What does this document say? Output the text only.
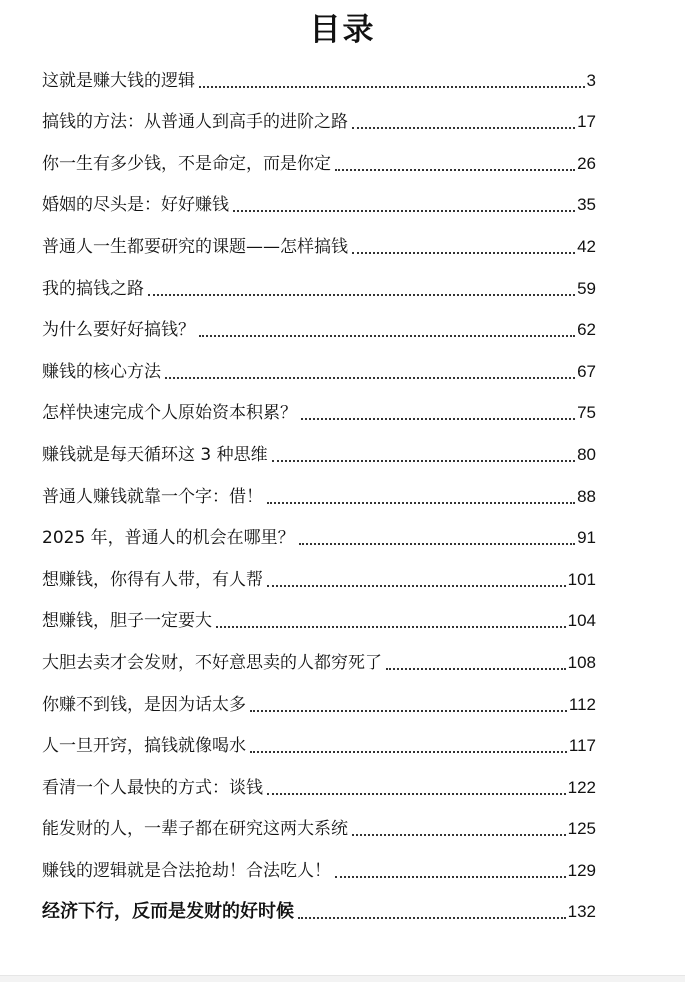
目录
这就是赚大钱的逻辑	3
搞钱的方法：从普通人到高手的进阶之路	17
你一生有多少钱，不是命定，而是你定	26
婚姻的尽头是：好好赚钱	35
普通人一生都要研究的课题——怎样搞钱	42
我的搞钱之路	59
为什么要好好搞钱？	62
赚钱的核心方法	67
怎样快速完成个人原始资本积累？	75
赚钱就是每天循环这 3 种思维	80
普通人赚钱就靠一个字：借！	88
2025 年，普通人的机会在哪里？	91
想赚钱，你得有人带，有人帮	101
想赚钱，胆子一定要大	104
大胆去卖才会发财，不好意思卖的人都穷死了	108
你赚不到钱，是因为话太多	112
人一旦开窍，搞钱就像喝水	117
看清一个人最快的方式：谈钱	122
能发财的人，一辈子都在研究这两大系统	125
赚钱的逻辑就是合法抢劫！合法吃人！	129
经济下行，反而是发财的好时候	132
